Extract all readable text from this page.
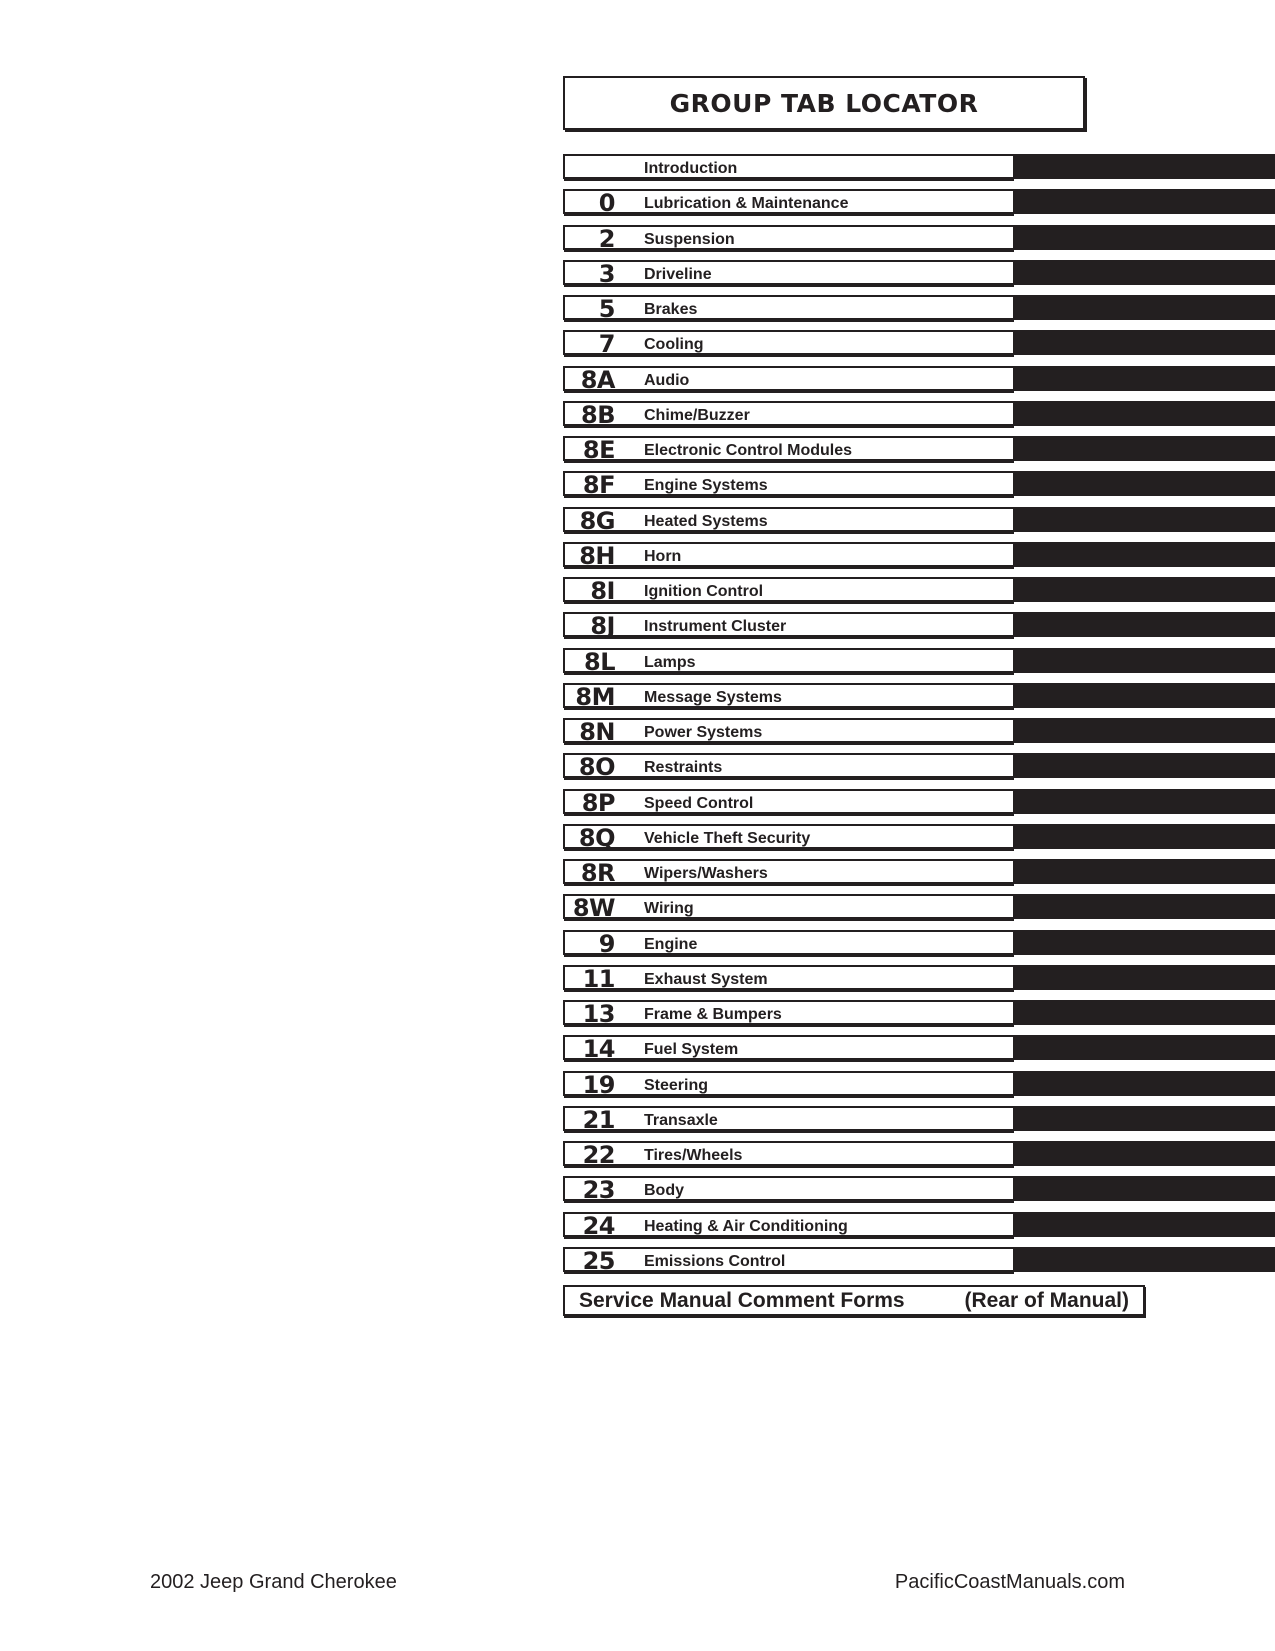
GROUP TAB LOCATOR
Introduction
0 Lubrication & Maintenance
2 Suspension
3 Driveline
5 Brakes
7 Cooling
8A Audio
8B Chime/Buzzer
8E Electronic Control Modules
8F Engine Systems
8G Heated Systems
8H Horn
8I Ignition Control
8J Instrument Cluster
8L Lamps
8M Message Systems
8N Power Systems
8O Restraints
8P Speed Control
8Q Vehicle Theft Security
8R Wipers/Washers
8W Wiring
9 Engine
11 Exhaust System
13 Frame & Bumpers
14 Fuel System
19 Steering
21 Transaxle
22 Tires/Wheels
23 Body
24 Heating & Air Conditioning
25 Emissions Control
Service Manual Comment Forms	(Rear of Manual)
2002 Jeep Grand Cherokee	PacificCoastManuals.com
